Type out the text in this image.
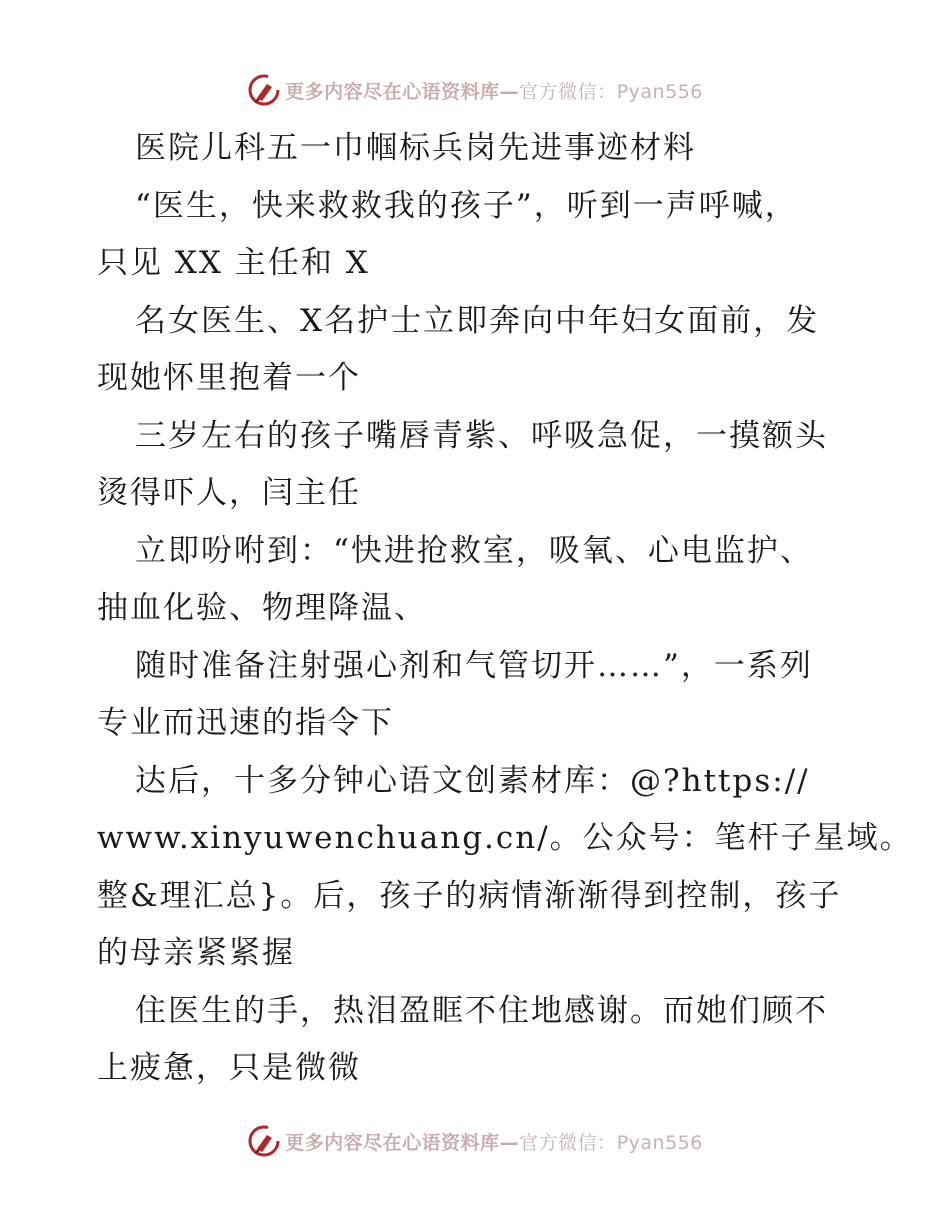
更多内容尽在心语资料库—官方微信：Pyan556
医院儿科五一巾帼标兵岗先进事迹材料
“医生，快来救救我的孩子”，听到一声呼喊，
只见 XX 主任和 X
名女医生、X名护士立即奔向中年妇女面前，发
现她怀里抱着一个
三岁左右的孩子嘴唇青紫、呼吸急促，一摸额头
烫得吓人，闫主任
立即吩咐到：“快进抢救室，吸氧、心电监护、
抽血化验、物理降温、
随时准备注射强心剂和气管切开……”，一系列
专业而迅速的指令下
达后，十多分钟心语文创素材库：@?https://
www.xinyuwenchuang.cn/。公众号：笔杆子星域。
整&理汇总}。后，孩子的病情渐渐得到控制，孩子
的母亲紧紧握
住医生的手，热泪盈眶不住地感谢。而她们顾不
上疲惫，只是微微
更多内容尽在心语资料库—官方微信：Pyan556
